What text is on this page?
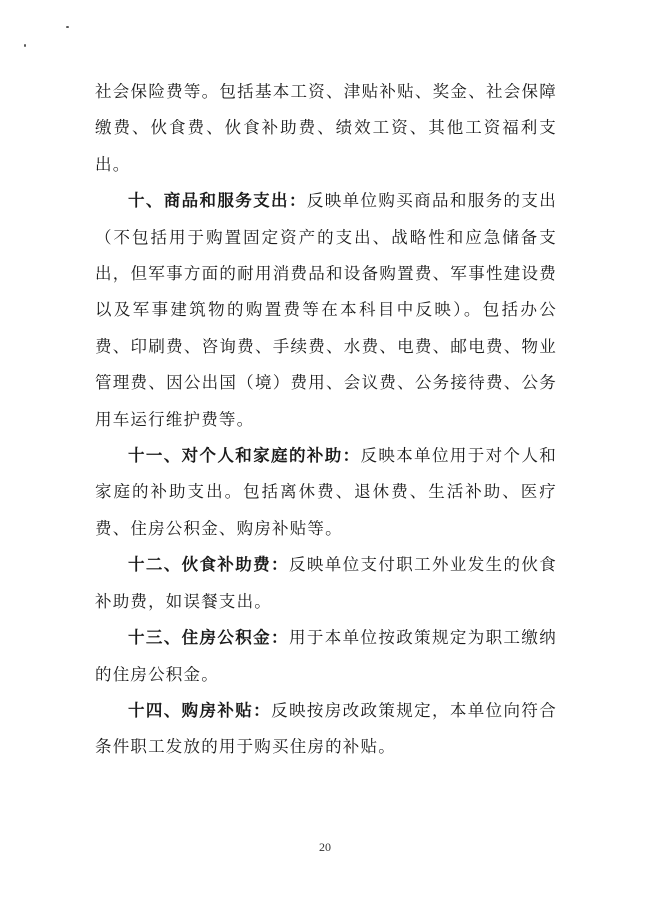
社会保险费等。包括基本工资、津贴补贴、奖金、社会保障缴费、伙食费、伙食补助费、绩效工资、其他工资福利支出。

十、商品和服务支出：反映单位购买商品和服务的支出（不包括用于购置固定资产的支出、战略性和应急储备支出，但军事方面的耐用消费品和设备购置费、军事性建设费以及军事建筑物的购置费等在本科目中反映）。包括办公费、印刷费、咨询费、手续费、水费、电费、邮电费、物业管理费、因公出国（境）费用、会议费、公务接待费、公务用车运行维护费等。

十一、对个人和家庭的补助：反映本单位用于对个人和家庭的补助支出。包括离休费、退休费、生活补助、医疗费、住房公积金、购房补贴等。

十二、伙食补助费：反映单位支付职工外业发生的伙食补助费，如误餐支出。

十三、住房公积金：用于本单位按政策规定为职工缴纳的住房公积金。

十四、购房补贴：反映按房改政策规定，本单位向符合条件职工发放的用于购买住房的补贴。

20
